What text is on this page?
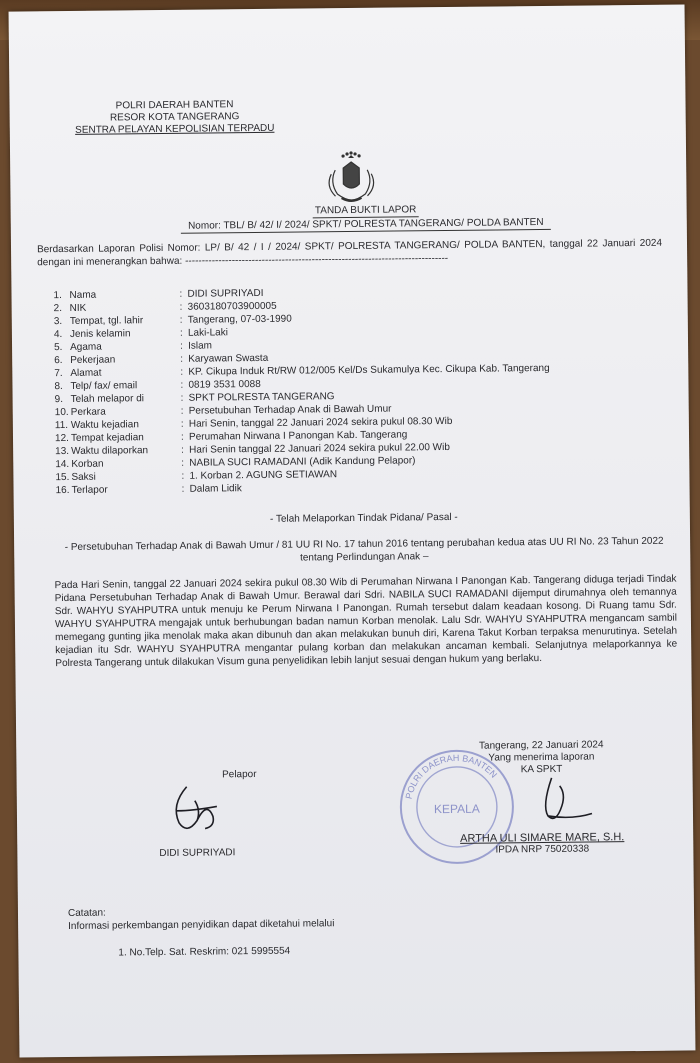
POLRI DAERAH BANTEN
RESOR KOTA TANGERANG
SENTRA PELAYAN KEPOLISIAN TERPADU
TANDA BUKTI LAPOR
Nomor: TBL/ B/ 42/ I/ 2024/ SPKT/ POLRESTA TANGERANG/ POLDA BANTEN
Berdasarkan Laporan Polisi Nomor: LP/ B/ 42 / I / 2024/ SPKT/ POLRESTA TANGERANG/ POLDA BANTEN, tanggal 22 Januari 2024 dengan ini menerangkan bahwa: -------------------------------------------------------------------------------
1. Nama	: DIDI SUPRIYADI
2. NIK	: 3603180703900005
3. Tempat, tgl. lahir	: Tangerang, 07-03-1990
4. Jenis kelamin	: Laki-Laki
5. Agama	: Islam
6. Pekerjaan	: Karyawan Swasta
7. Alamat	: KP. Cikupa Induk Rt/RW 012/005 Kel/Ds Sukamulya Kec. Cikupa Kab. Tangerang
8. Telp/ fax/ email	: 0819 3531 0088
9. Telah melapor di	: SPKT POLRESTA TANGERANG
10. Perkara	: Persetubuhan Terhadap Anak di Bawah Umur
11. Waktu kejadian	: Hari Senin, tanggal 22 Januari 2024 sekira pukul 08.30 Wib
12. Tempat kejadian	: Perumahan Nirwana I Panongan Kab. Tangerang
13. Waktu dilaporkan	: Hari Senin tanggal 22 Januari 2024 sekira pukul 22.00 Wib
14. Korban	: NABILA SUCI RAMADANI (Adik Kandung Pelapor)
15. Saksi	: 1. Korban 2. AGUNG SETIAWAN
16. Terlapor	: Dalam Lidik
- Telah Melaporkan Tindak Pidana/ Pasal -
- Persetubuhan Terhadap Anak di Bawah Umur / 81 UU RI No. 17 tahun 2016 tentang perubahan kedua atas UU RI No. 23 Tahun 2022
tentang Perlindungan Anak –
Pada Hari Senin, tanggal 22 Januari 2024 sekira pukul 08.30 Wib di Perumahan Nirwana I Panongan Kab. Tangerang diduga terjadi Tindak Pidana Persetubuhan Terhadap Anak di Bawah Umur. Berawal dari Sdri. NABILA SUCI RAMADANI dijemput dirumahnya oleh temannya Sdr. WAHYU SYAHPUTRA untuk menuju ke Perum Nirwana I Panongan. Rumah tersebut dalam keadaan kosong. Di Ruang tamu Sdr. WAHYU SYAHPUTRA mengajak untuk berhubungan badan namun Korban menolak. Lalu Sdr. WAHYU SYAHPUTRA mengancam sambil memegang gunting jika menolak maka akan dibunuh dan akan melakukan bunuh diri, Karena Takut Korban terpaksa menurutinya. Setelah kejadian itu Sdr. WAHYU SYAHPUTRA mengantar pulang korban dan melakukan ancaman kembali. Selanjutnya melaporkannya ke Polresta Tangerang untuk dilakukan Visum guna penyelidikan lebih lanjut sesuai dengan hukum yang berlaku.
POLRI DAERAH BANTEN
KEPALA
Tangerang, 22 Januari 2024
Yang menerima laporan
KA SPKT
ARTHA ULI SIMARE MARE, S.H.
IPDA NRP 75020338
Pelapor
DIDI SUPRIYADI
Catatan:
Informasi perkembangan penyidikan dapat diketahui melalui
1. No.Telp. Sat. Reskrim: 021 5995554
